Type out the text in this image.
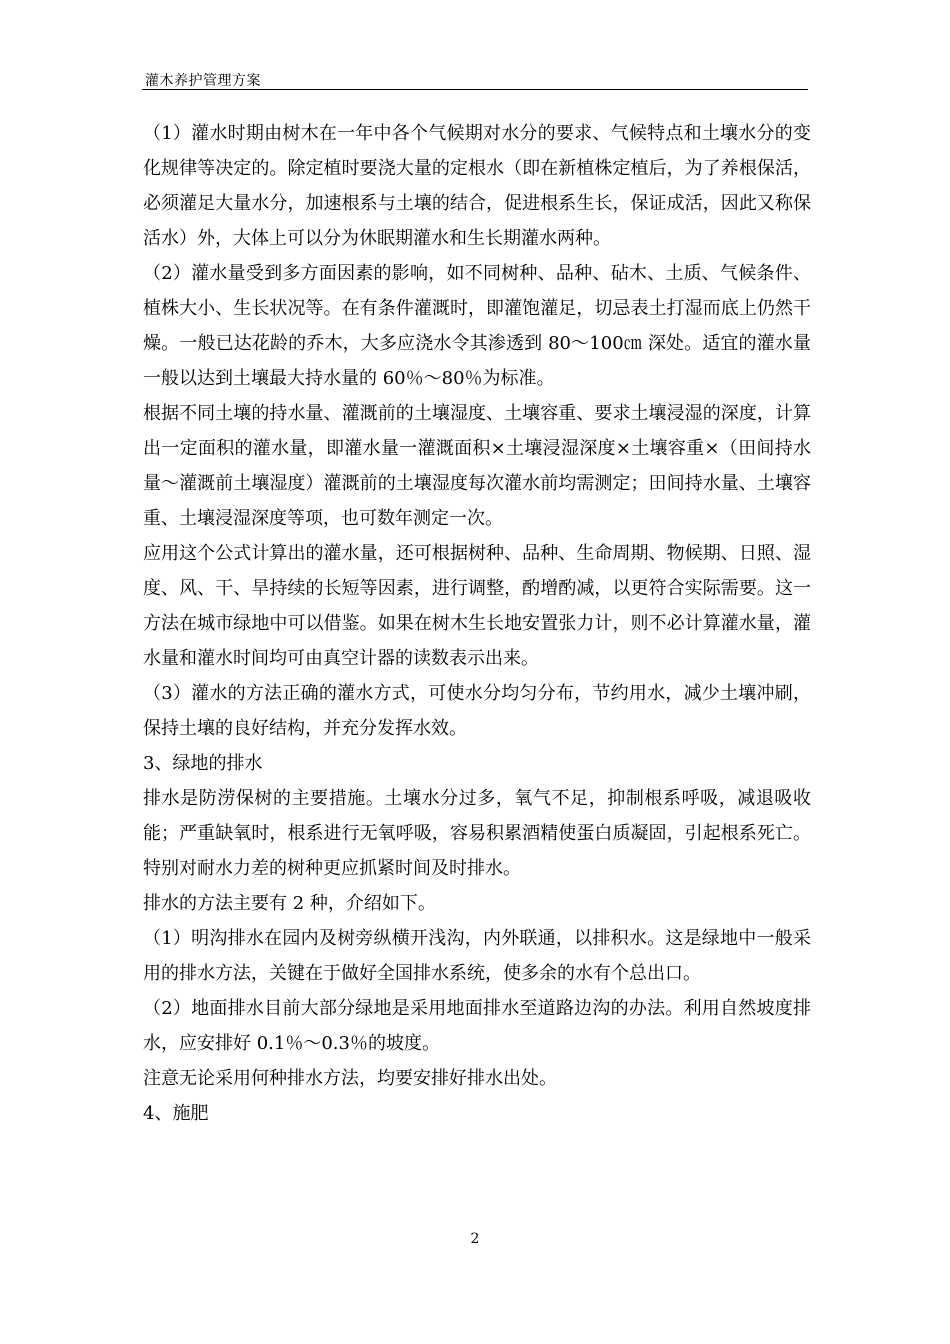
灌木养护管理方案

（1）灌水时期由树木在一年中各个气候期对水分的要求、气候特点和土壤水分的变化规律等决定的。除定植时要浇大量的定根水（即在新植株定植后，为了养根保活，必须灌足大量水分，加速根系与土壤的结合，促进根系生长，保证成活，因此又称保活水）外，大体上可以分为休眠期灌水和生长期灌水两种。

（2）灌水量受到多方面因素的影响，如不同树种、品种、砧木、土质、气候条件、植株大小、生长状况等。在有条件灌溉时，即灌饱灌足，切忌表土打湿而底上仍然干燥。一般已达花龄的乔木，大多应浇水令其渗透到 80～100㎝ 深处。适宜的灌水量一般以达到土壤最大持水量的 60％～80％为标准。

根据不同土壤的持水量、灌溉前的土壤湿度、土壤容重、要求土壤浸湿的深度，计算出一定面积的灌水量，即灌水量一灌溉面积×土壤浸湿深度×土壤容重×（田间持水量～灌溉前土壤湿度）灌溉前的土壤湿度每次灌水前均需测定；田间持水量、土壤容重、土壤浸湿深度等项，也可数年测定一次。

应用这个公式计算出的灌水量，还可根据树种、品种、生命周期、物候期、日照、湿度、风、干、旱持续的长短等因素，进行调整，酌增酌减，以更符合实际需要。这一方法在城市绿地中可以借鉴。如果在树木生长地安置张力计，则不必计算灌水量，灌水量和灌水时间均可由真空计器的读数表示出来。

（3）灌水的方法正确的灌水方式，可使水分均匀分布，节约用水，减少土壤冲刷，保持土壤的良好结构，并充分发挥水效。

3、绿地的排水

排水是防涝保树的主要措施。土壤水分过多，氧气不足，抑制根系呼吸，减退吸收能；严重缺氧时，根系进行无氧呼吸，容易积累酒精使蛋白质凝固，引起根系死亡。特别对耐水力差的树种更应抓紧时间及时排水。

排水的方法主要有 2 种，介绍如下。

（1）明沟排水在园内及树旁纵横开浅沟，内外联通，以排积水。这是绿地中一般采用的排水方法，关键在于做好全国排水系统，使多余的水有个总出口。

（2）地面排水目前大部分绿地是采用地面排水至道路边沟的办法。利用自然坡度排水，应安排好 0.1％～0.3％的坡度。

注意无论采用何种排水方法，均要安排好排水出处。

4、施肥

2
